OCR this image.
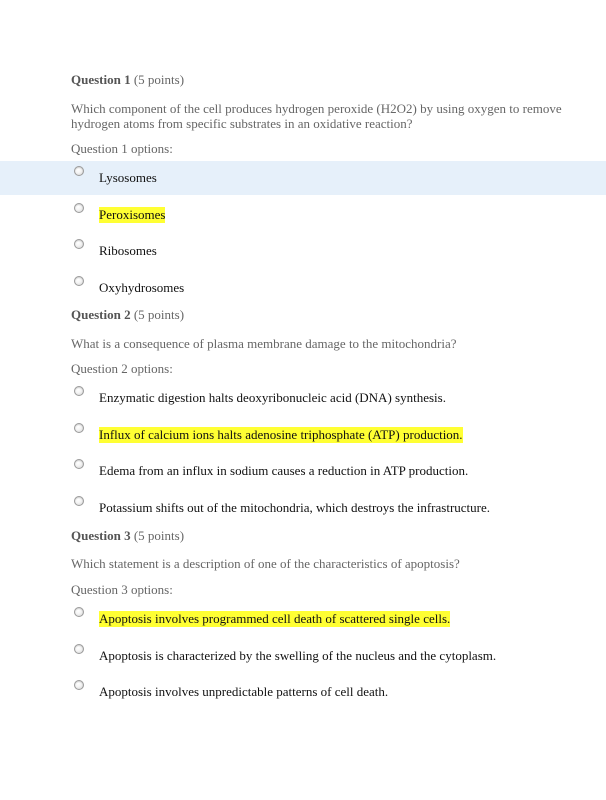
Question 1 (5 points)
Which component of the cell produces hydrogen peroxide (H2O2) by using oxygen to remove hydrogen atoms from specific substrates in an oxidative reaction?
Question 1 options:
Lysosomes
Peroxisomes
Ribosomes
Oxyhydrosomes
Question 2 (5 points)
What is a consequence of plasma membrane damage to the mitochondria?
Question 2 options:
Enzymatic digestion halts deoxyribonucleic acid (DNA) synthesis.
Influx of calcium ions halts adenosine triphosphate (ATP) production.
Edema from an influx in sodium causes a reduction in ATP production.
Potassium shifts out of the mitochondria, which destroys the infrastructure.
Question 3 (5 points)
Which statement is a description of one of the characteristics of apoptosis?
Question 3 options:
Apoptosis involves programmed cell death of scattered single cells.
Apoptosis is characterized by the swelling of the nucleus and the cytoplasm.
Apoptosis involves unpredictable patterns of cell death.
